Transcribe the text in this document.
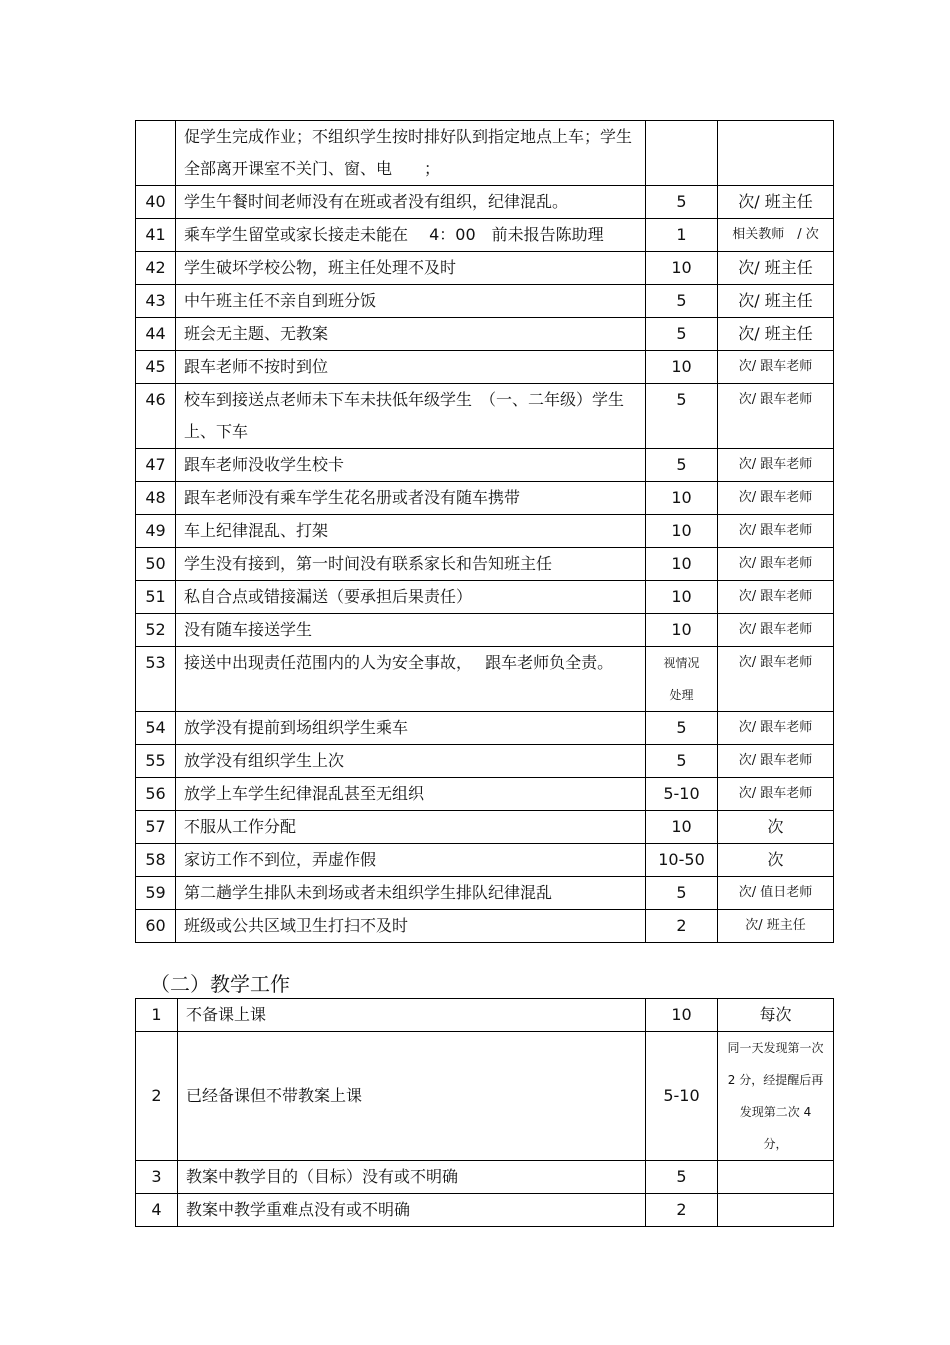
	促学生完成作业；不组织学生按时排好队到指定地点上车；学生全部离开课室不关门、窗、电　　；		
40	学生午餐时间老师没有在班或者没有组织，纪律混乱。	5	次/ 班主任
41	乘车学生留堂或家长接走未能在　 4：00　前未报告陈助理	1	相关教师　/ 次
42	学生破坏学校公物，班主任处理不及时	10	次/ 班主任
43	中午班主任不亲自到班分饭	5	次/ 班主任
44	班会无主题、无教案	5	次/ 班主任
45	跟车老师不按时到位	10	次/ 跟车老师
46	校车到接送点老师未下车未扶低年级学生　（一、二年级）学生上、下车	5	次/ 跟车老师
47	跟车老师没收学生校卡	5	次/ 跟车老师
48	跟车老师没有乘车学生花名册或者没有随车携带	10	次/ 跟车老师
49	车上纪律混乱、打架	10	次/ 跟车老师
50	学生没有接到，第一时间没有联系家长和告知班主任	10	次/ 跟车老师
51	私自合点或错接漏送（要承担后果责任）	10	次/ 跟车老师
52	没有随车接送学生	10	次/ 跟车老师
53	接送中出现责任范围内的人为安全事故，　 跟车老师负全责。	视情况处理	次/ 跟车老师
54	放学没有提前到场组织学生乘车	5	次/ 跟车老师
55	放学没有组织学生上次	5	次/ 跟车老师
56	放学上车学生纪律混乱甚至无组织	5-10	次/ 跟车老师
57	不服从工作分配	10	次
58	家访工作不到位，弄虚作假	10-50	次
59	第二趟学生排队未到场或者未组织学生排队纪律混乱	5	次/ 值日老师
60	班级或公共区域卫生打扫不及时	2	次/ 班主任
（二）教学工作
1	不备课上课	10	每次
2	已经备课但不带教案上课	5-10	同一天发现第一次 2 分，经提醒后再发现第二次 4 分，
3	教案中教学目的（目标）没有或不明确	5	
4	教案中教学重难点没有或不明确	2	
